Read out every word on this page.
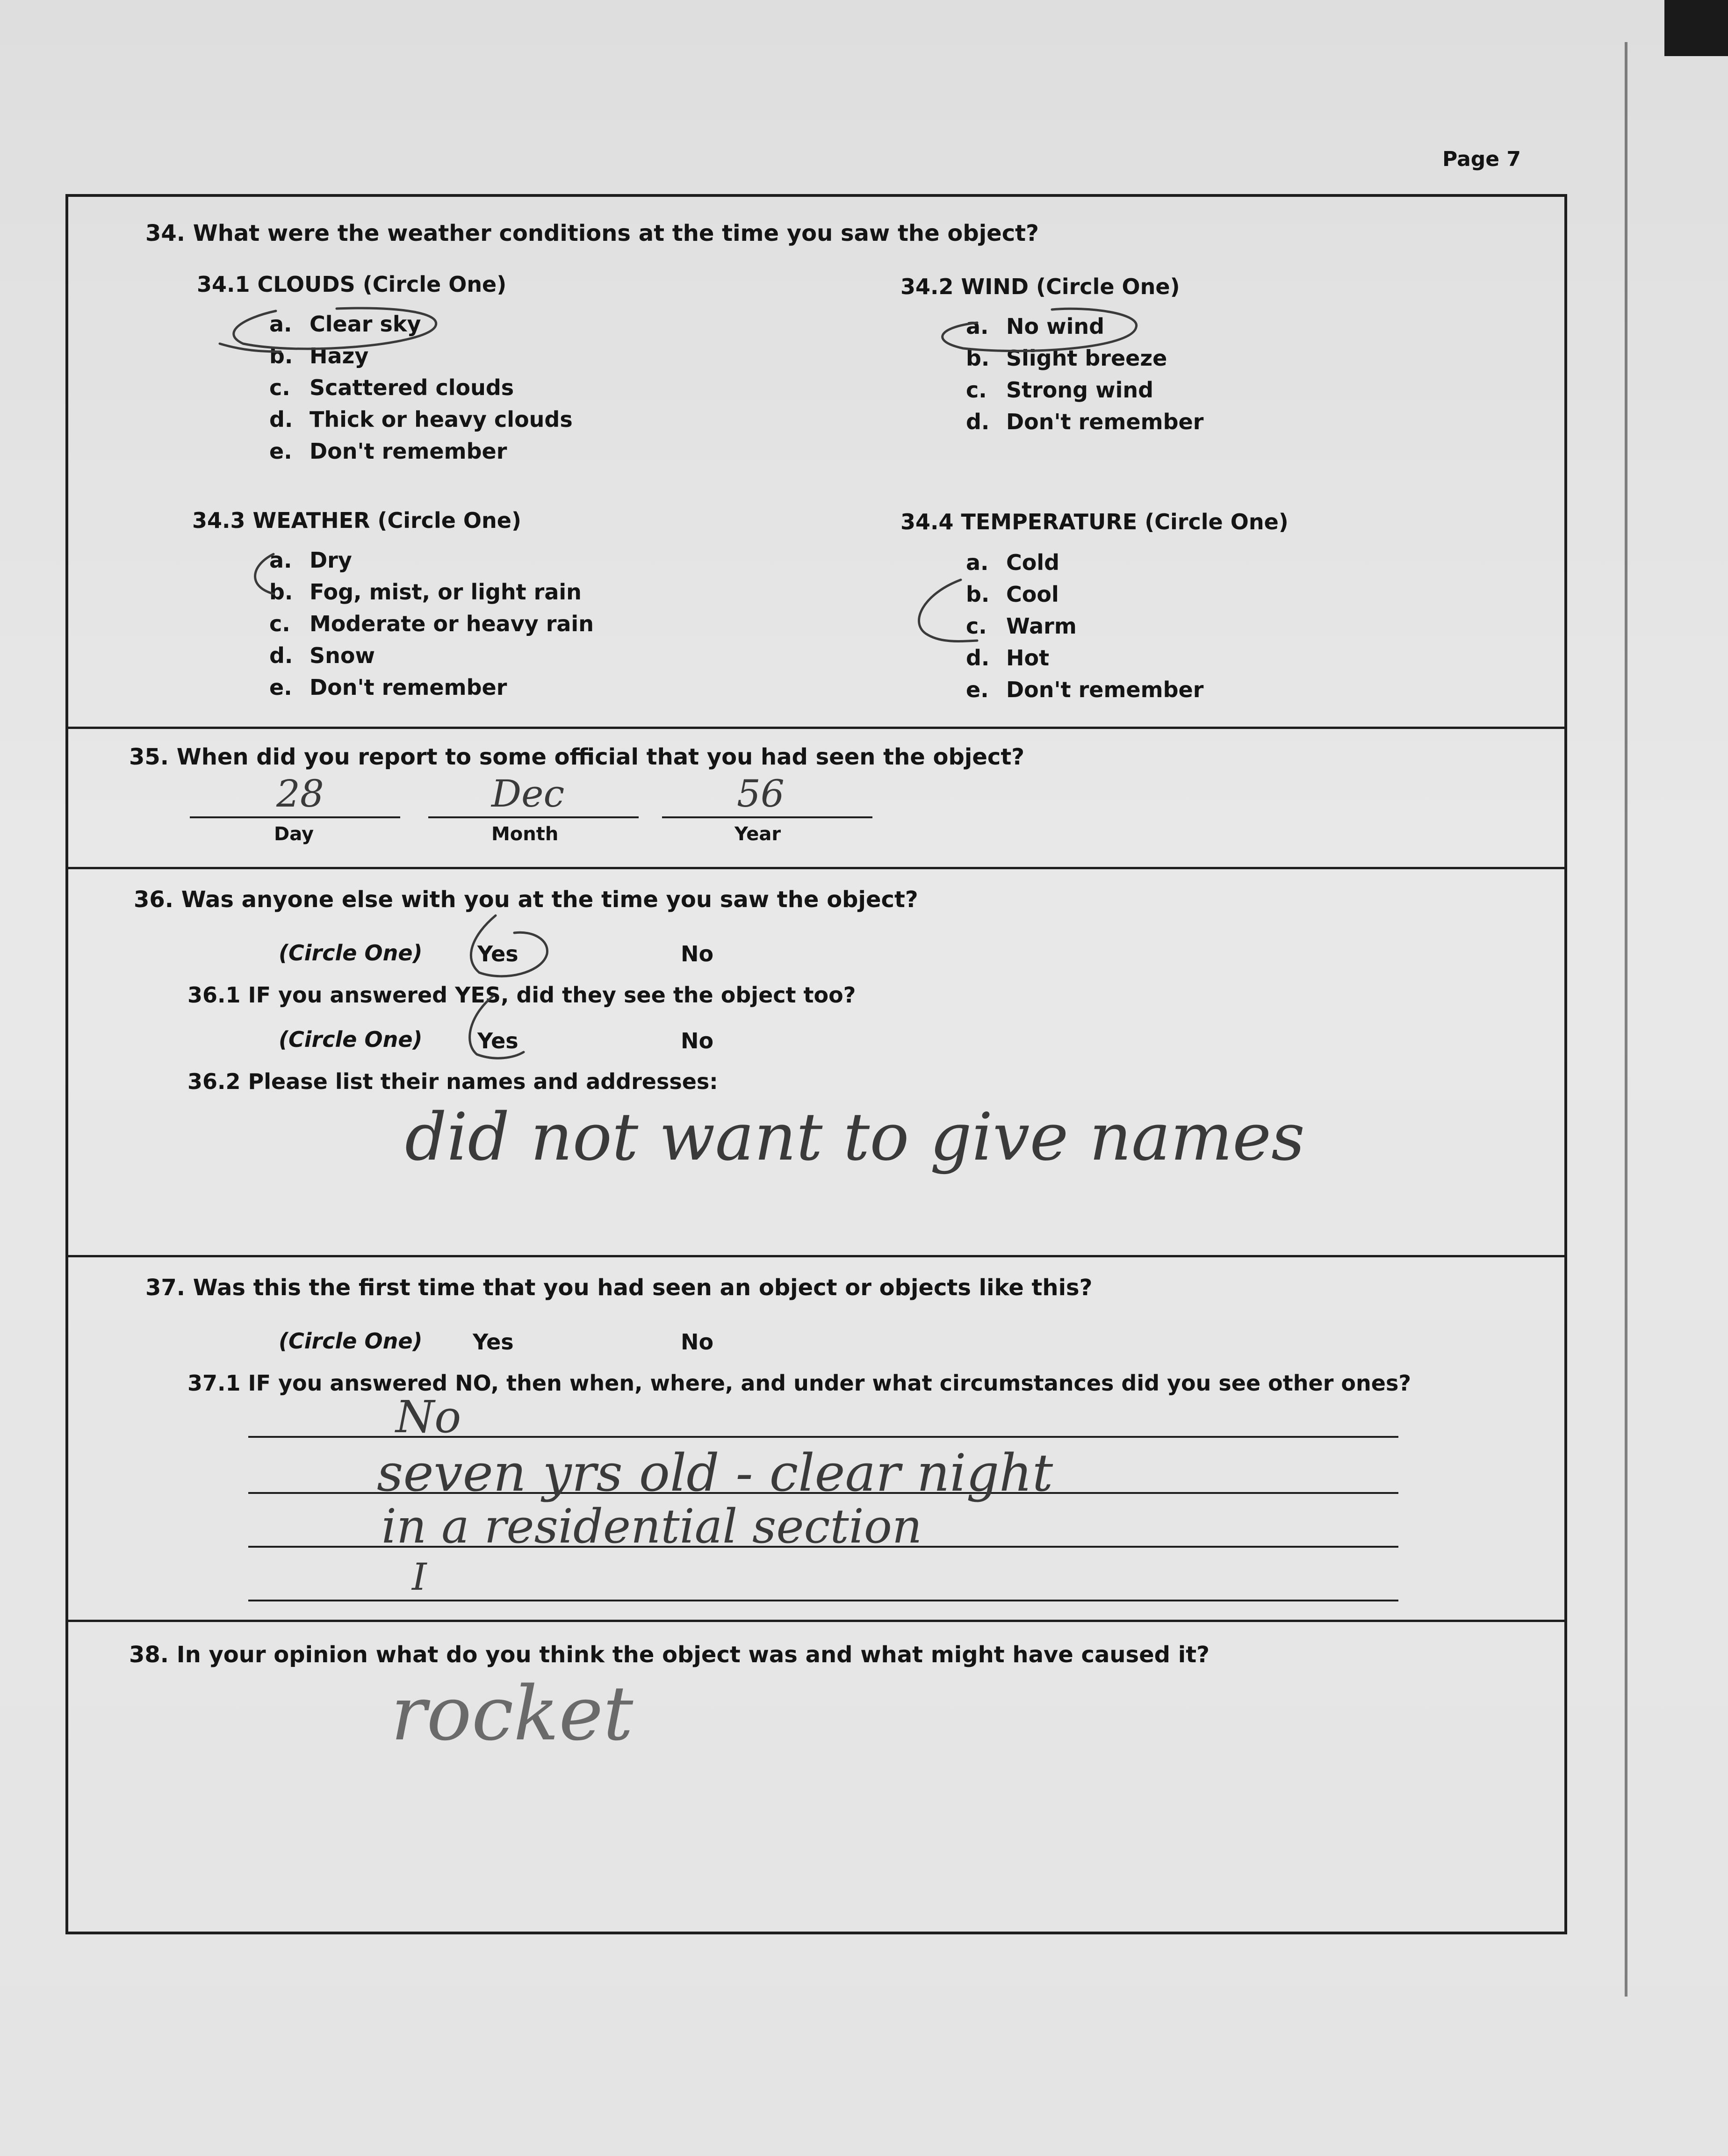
Page 7
34. What were the weather conditions at the time you saw the object?
34.1 CLOUDS (Circle One)
a. Clear sky
b. Hazy
c. Scattered clouds
d. Thick or heavy clouds
e. Don't remember
34.2 WIND (Circle One)
a. No wind
b. Slight breeze
c. Strong wind
d. Don't remember
34.3 WEATHER (Circle One)
a. Dry
b. Fog, mist, or light rain
c. Moderate or heavy rain
d. Snow
e. Don't remember
34.4 TEMPERATURE (Circle One)
a. Cold
b. Cool
c. Warm
d. Hot
e. Don't remember
35. When did you report to some official that you had seen the object?
28	Dec	56
Day	Month	Year
36. Was anyone else with you at the time you saw the object?
(Circle One)	Yes	No
36.1 IF you answered YES, did they see the object too?
(Circle One)	Yes	No
36.2 Please list their names and addresses:
did not want to give names
37. Was this the first time that you had seen an object or objects like this?
(Circle One) Yes	No
37.1 IF you answered NO, then when, where, and under what circumstances did you see other ones?
No
seven yrs old - clear night
in a residential section
I
38. In your opinion what do you think the object was and what might have caused it?
rocket
